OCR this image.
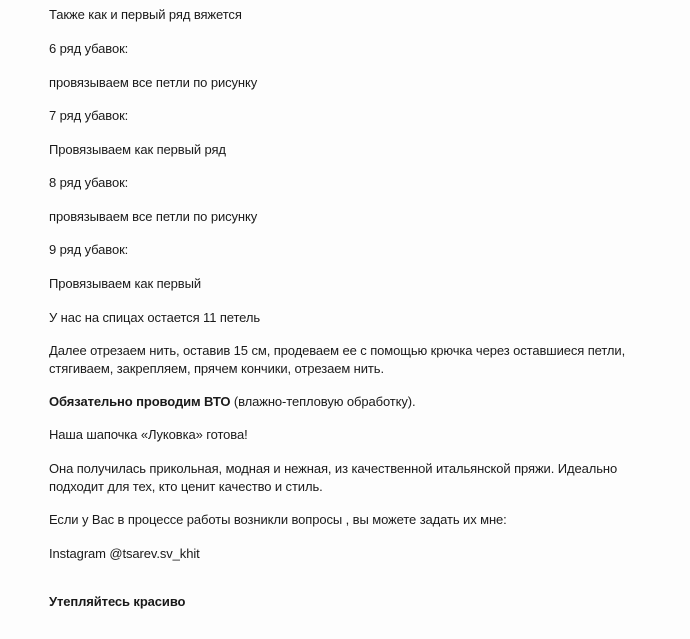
Также как и первый ряд вяжется

6 ряд убавок:

провязываем все петли по рисунку

7 ряд убавок:

Провязываем как первый ряд

8 ряд убавок:

провязываем все петли по рисунку

9 ряд убавок:

Провязываем как первый

У нас на спицах остается 11 петель

Далее отрезаем нить, оставив 15 см, продеваем ее с помощью крючка через оставшиеся петли,

стягиваем, закрепляем, прячем кончики, отрезаем нить.

Обязательно проводим ВТО (влажно-тепловую обработку).

Наша шапочка «Луковка» готова!

Она получилась прикольная, модная и нежная, из качественной итальянской пряжи. Идеально

подходит для тех, кто ценит качество и стиль.

Если у Вас в процессе работы возникли вопросы , вы можете задать их мне:

Instagram @tsarev.sv_khit

Утепляйтесь красиво
